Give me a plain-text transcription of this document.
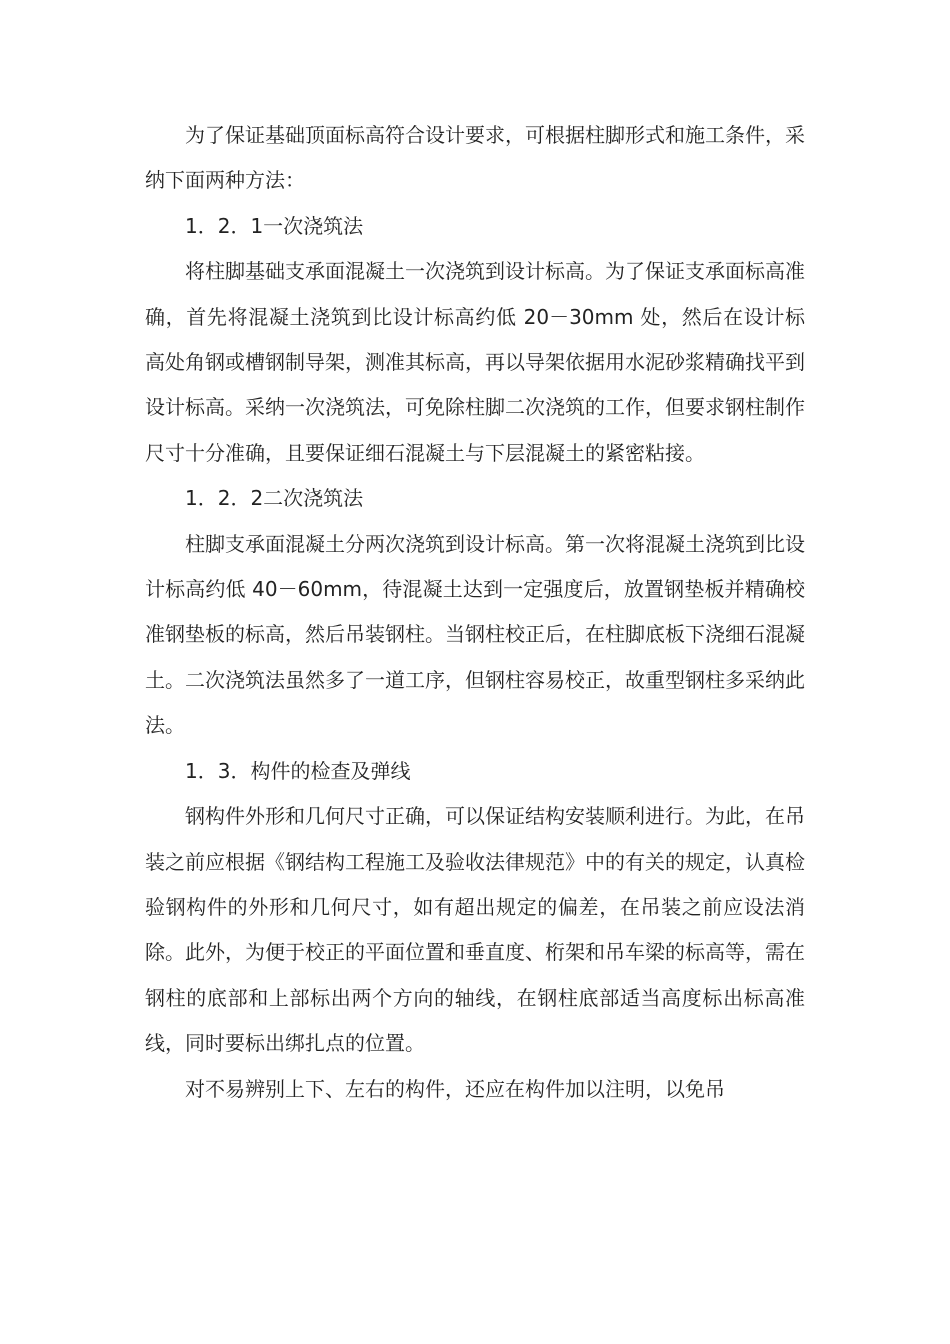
为了保证基础顶面标高符合设计要求，可根据柱脚形式和施工条件，采纳下面两种方法：

1．2．1一次浇筑法

将柱脚基础支承面混凝土一次浇筑到设计标高。为了保证支承面标高准确，首先将混凝土浇筑到比设计标高约低 20－30mm 处，然后在设计标高处角钢或槽钢制导架，测准其标高，再以导架依据用水泥砂浆精确找平到设计标高。采纳一次浇筑法，可免除柱脚二次浇筑的工作，但要求钢柱制作尺寸十分准确，且要保证细石混凝土与下层混凝土的紧密粘接。

1．2．2二次浇筑法

柱脚支承面混凝土分两次浇筑到设计标高。第一次将混凝土浇筑到比设计标高约低 40－60mm，待混凝土达到一定强度后，放置钢垫板并精确校准钢垫板的标高，然后吊装钢柱。当钢柱校正后，在柱脚底板下浇细石混凝土。二次浇筑法虽然多了一道工序，但钢柱容易校正，故重型钢柱多采纳此法。

1．3．构件的检查及弹线

钢构件外形和几何尺寸正确，可以保证结构安装顺利进行。为此，在吊装之前应根据《钢结构工程施工及验收法律规范》中的有关的规定，认真检验钢构件的外形和几何尺寸，如有超出规定的偏差，在吊装之前应设法消除。此外，为便于校正的平面位置和垂直度、桁架和吊车梁的标高等，需在钢柱的底部和上部标出两个方向的轴线，在钢柱底部适当高度标出标高准线，同时要标出绑扎点的位置。

对不易辨别上下、左右的构件，还应在构件加以注明，以免吊
